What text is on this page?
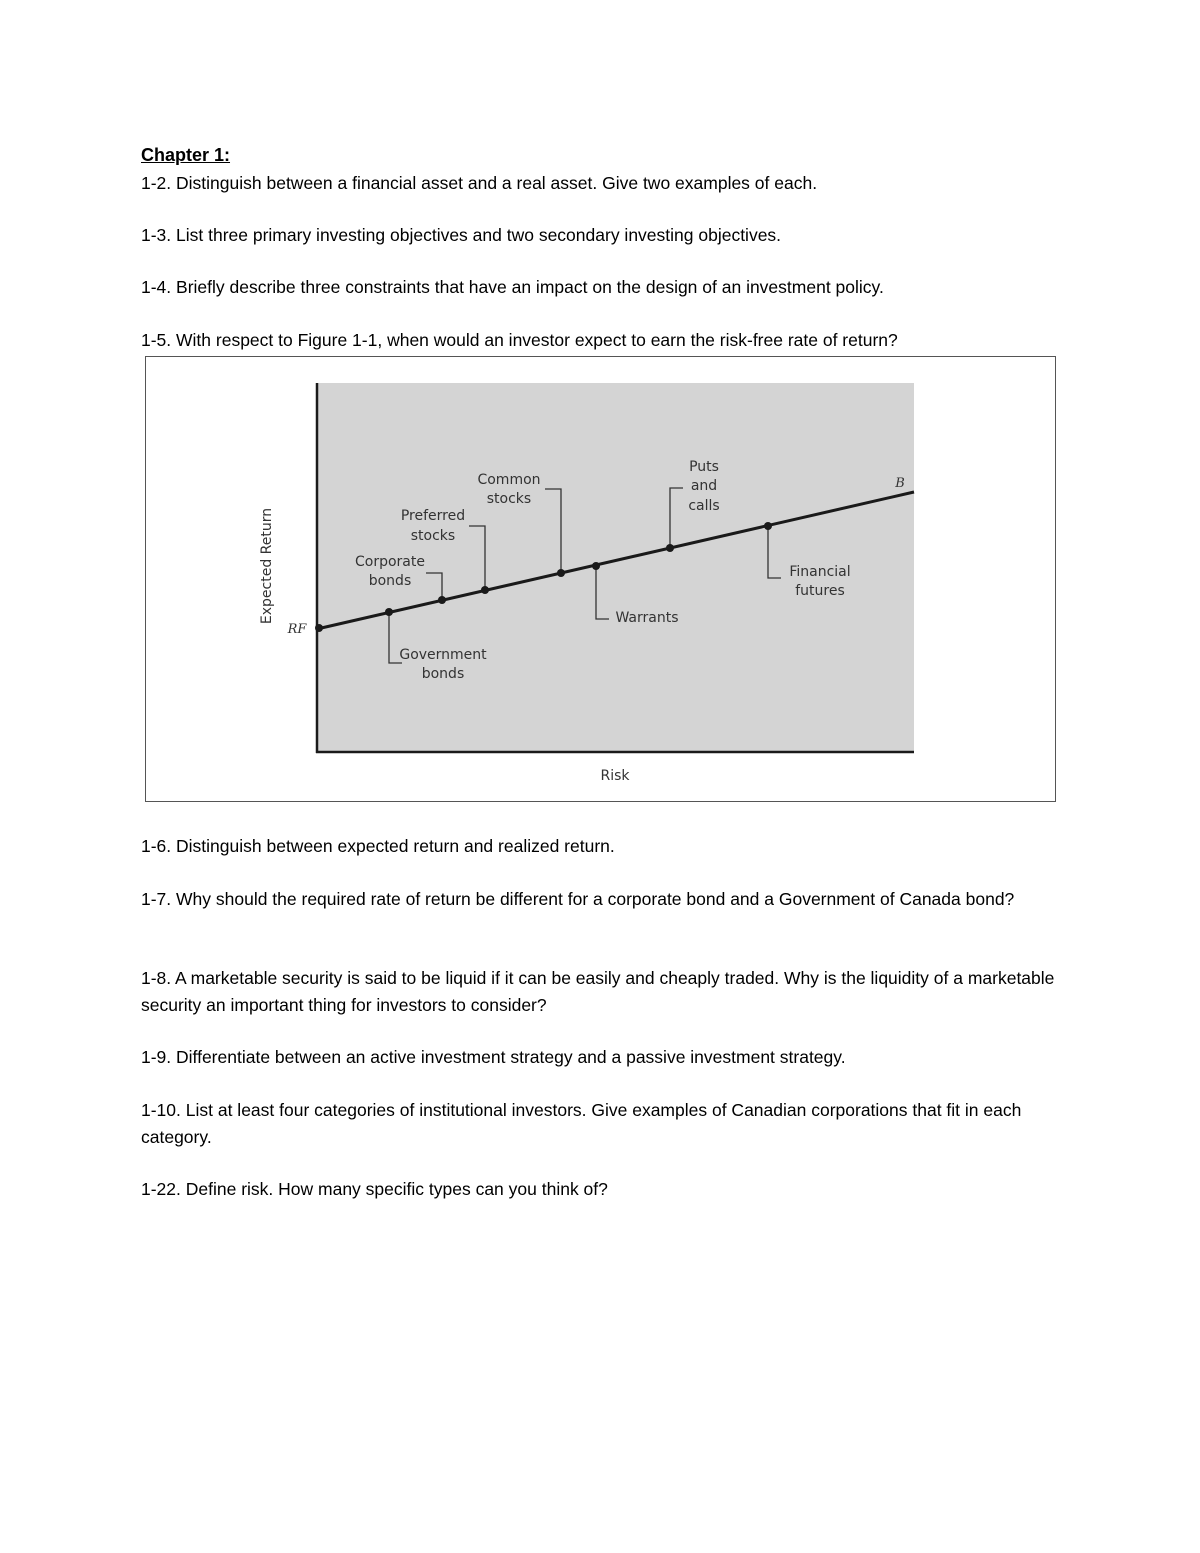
Chapter 1:
1-2. Distinguish between a financial asset and a real asset. Give two examples of each.
1-3. List three primary investing objectives and two secondary investing objectives.
1-4. Briefly describe three constraints that have an impact on the design of an investment policy.
1-5. With respect to Figure 1-1, when would an investor expect to earn the risk-free rate of return?
Expected Return
Risk
RF
B
Government
bonds
Corporate
bonds
Preferred
stocks
Common
stocks
Warrants
Puts
and
calls
Financial
futures
1-6. Distinguish between expected return and realized return.
1-7. Why should the required rate of return be different for a corporate bond and a Government of Canada bond?
1-8. A marketable security is said to be liquid if it can be easily and cheaply traded. Why is the liquidity of a marketable security an important thing for investors to consider?
1-9. Differentiate between an active investment strategy and a passive investment strategy.
1-10. List at least four categories of institutional investors. Give examples of Canadian corporations that fit in each category.
1-22. Define risk. How many specific types can you think of?
